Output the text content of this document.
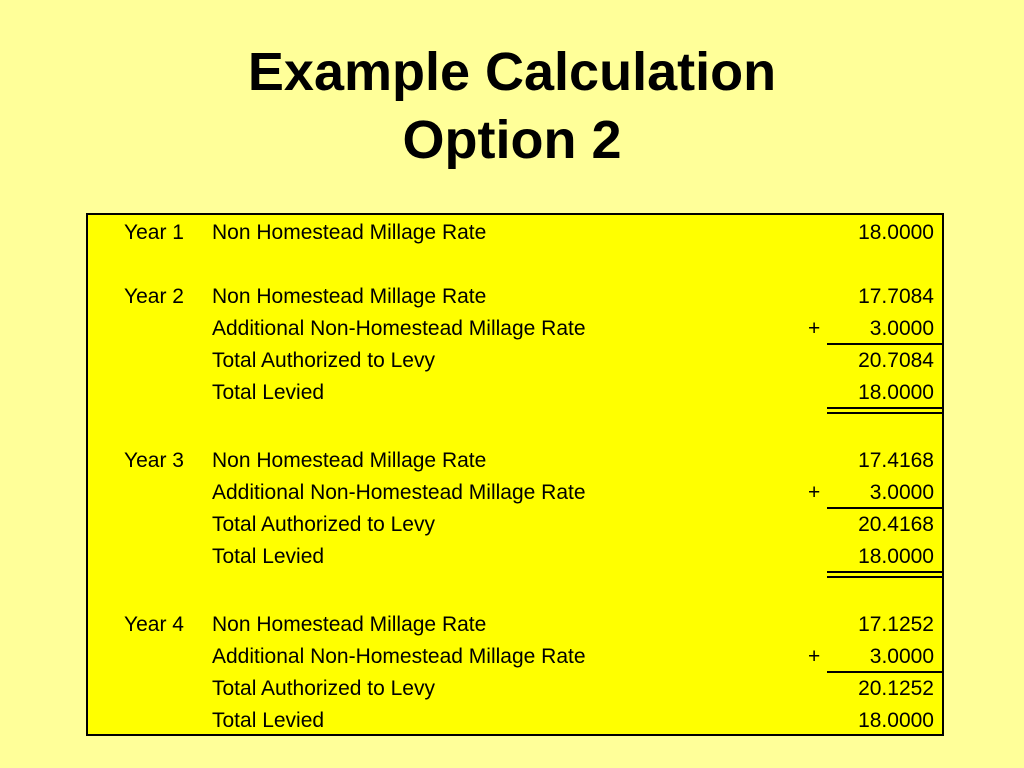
Example Calculation
Option 2
Year 1 Non Homestead Millage Rate	18.0000
Year 2 Non Homestead Millage Rate	17.7084
Additional Non-Homestead Millage Rate	+ 3.0000
Total Authorized to Levy	20.7084
Total Levied	18.0000
Year 3 Non Homestead Millage Rate	17.4168
Additional Non-Homestead Millage Rate	+ 3.0000
Total Authorized to Levy	20.4168
Total Levied	18.0000
Year 4 Non Homestead Millage Rate	17.1252
Additional Non-Homestead Millage Rate	+ 3.0000
Total Authorized to Levy	20.1252
Total Levied	18.0000
